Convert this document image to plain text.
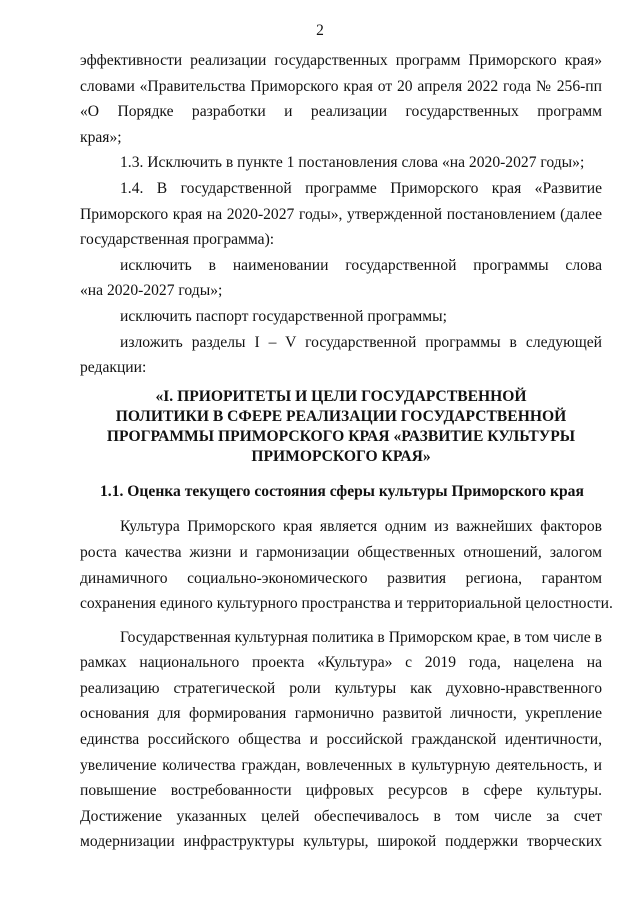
2
эффективности реализации государственных программ Приморского края»
словами «Правительства Приморского края от 20 апреля 2022 года № 256-пп
«О Порядке разработки и реализации государственных программ
края»;
1.3. Исключить в пункте 1 постановления слова «на 2020-2027 годы»;
1.4. В государственной программе Приморского края «Развитие
Приморского края на 2020-2027 годы», утвержденной постановлением (далее
государственная программа):
исключить в наименовании государственной программы слова
«на 2020-2027 годы»;
исключить паспорт государственной программы;
изложить разделы I – V государственной программы в следующей
редакции:
«I. ПРИОРИТЕТЫ И ЦЕЛИ ГОСУДАРСТВЕННОЙ
ПОЛИТИКИ В СФЕРЕ РЕАЛИЗАЦИИ ГОСУДАРСТВЕННОЙ
ПРОГРАММЫ ПРИМОРСКОГО КРАЯ «РАЗВИТИЕ КУЛЬТУРЫ
ПРИМОРСКОГО КРАЯ»
1.1. Оценка текущего состояния сферы культуры Приморского края
Культура Приморского края является одним из важнейших факторов
роста качества жизни и гармонизации общественных отношений, залогом
динамичного социально-экономического развития региона, гарантом
сохранения единого культурного пространства и территориальной целостности.
Государственная культурная политика в Приморском крае, в том числе в
рамках национального проекта «Культура» с 2019 года, нацелена на
реализацию стратегической роли культуры как духовно-нравственного
основания для формирования гармонично развитой личности, укрепление
единства российского общества и российской гражданской идентичности,
увеличение количества граждан, вовлеченных в культурную деятельность, и
повышение востребованности цифровых ресурсов в сфере культуры.
Достижение указанных целей обеспечивалось в том числе за счет
модернизации инфраструктуры культуры, широкой поддержки творческих
